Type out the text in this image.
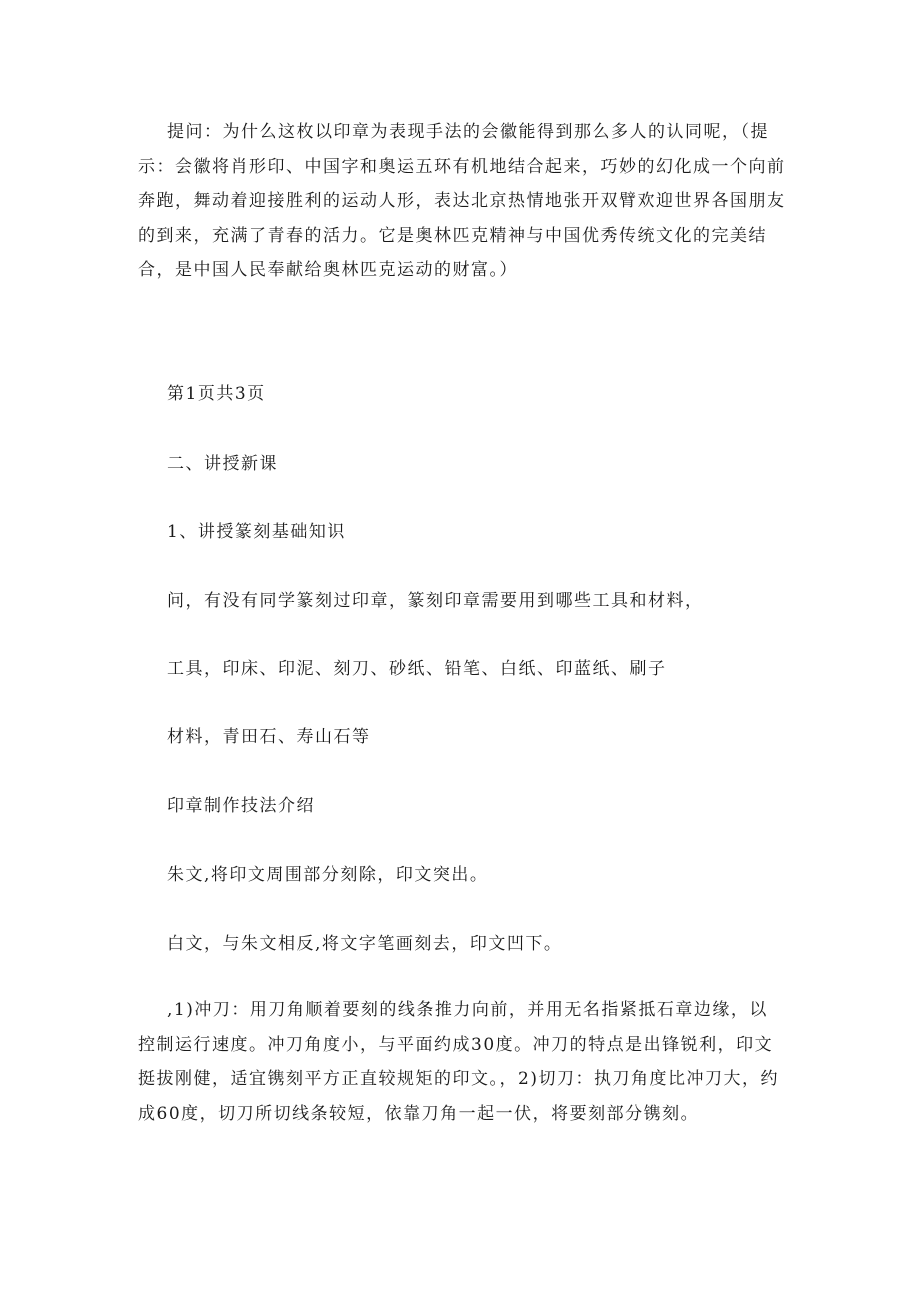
提问：为什么这枚以印章为表现手法的会徽能得到那么多人的认同呢，（提示：会徽将肖形印、中国字和奥运五环有机地结合起来，巧妙的幻化成一个向前奔跑，舞动着迎接胜利的运动人形，表达北京热情地张开双臂欢迎世界各国朋友的到来，充满了青春的活力。它是奥林匹克精神与中国优秀传统文化的完美结合，是中国人民奉献给奥林匹克运动的财富。）

第1页共3页

二、讲授新课

1、讲授篆刻基础知识

问，有没有同学篆刻过印章，篆刻印章需要用到哪些工具和材料，

工具，印床、印泥、刻刀、砂纸、铅笔、白纸、印蓝纸、刷子

材料，青田石、寿山石等

印章制作技法介绍

朱文,将印文周围部分刻除，印文突出。

白文，与朱文相反,将文字笔画刻去，印文凹下。

,1)冲刀：用刀角顺着要刻的线条推力向前，并用无名指紧抵石章边缘，以控制运行速度。冲刀角度小，与平面约成30度。冲刀的特点是出锋锐利，印文挺拔刚健，适宜镌刻平方正直较规矩的印文。，2)切刀：执刀角度比冲刀大，约成60度，切刀所切线条较短，依靠刀角一起一伏，将要刻部分镌刻。
